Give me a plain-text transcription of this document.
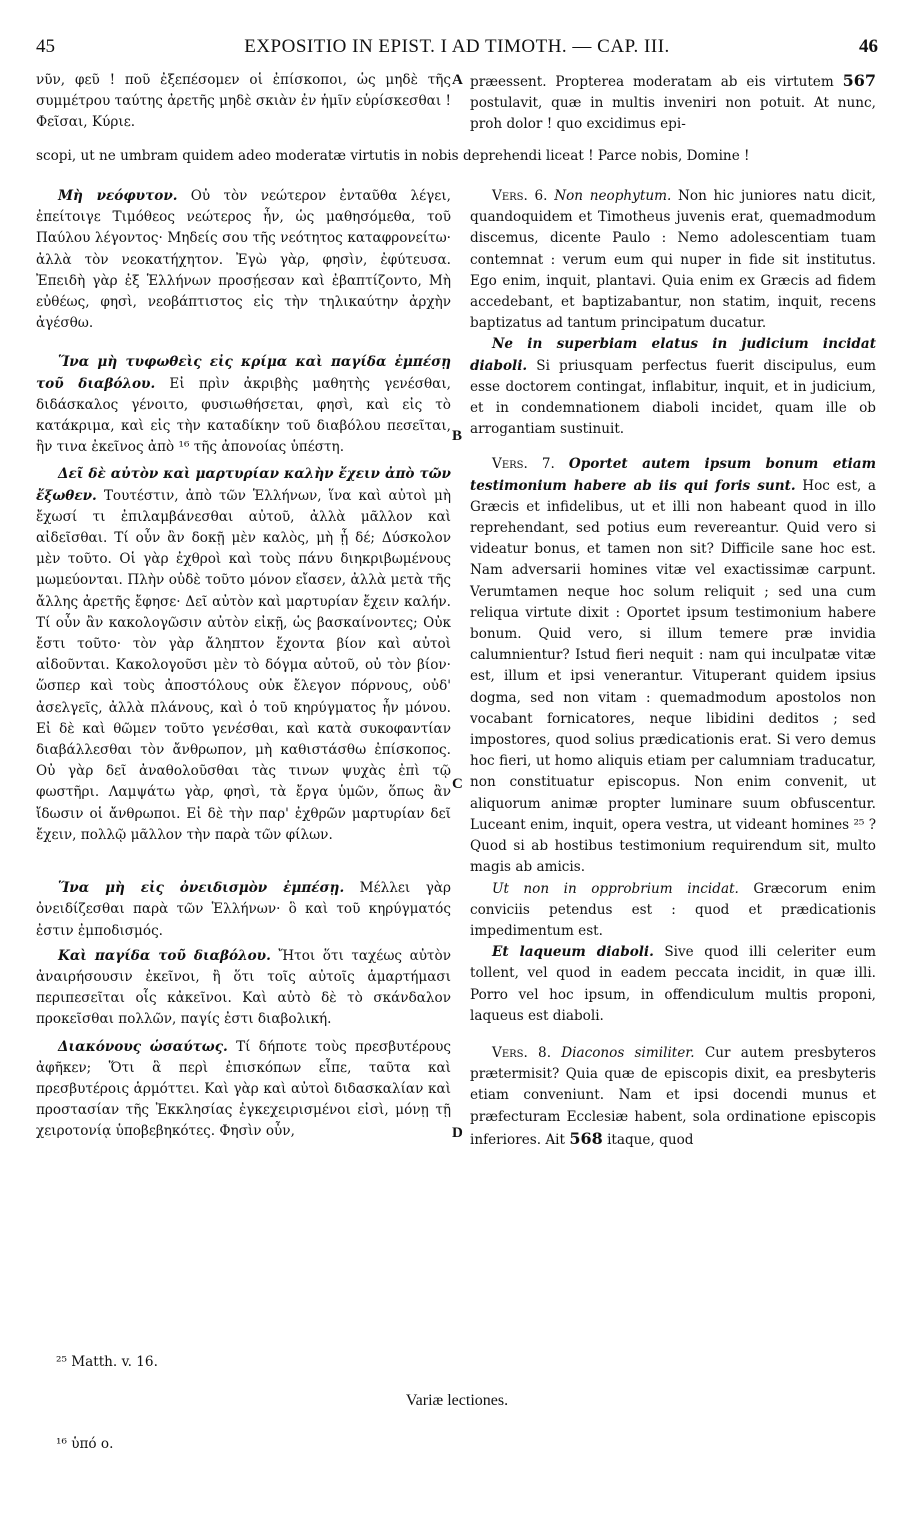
45	EXPOSITIO IN EPIST. I AD TIMOTH. — CAP. III.	46

νῦν, φεῦ ! ποῦ ἐξεπέσομεν οἱ ἐπίσκοποι, ὡς μηδὲ τῆς συμμέτρου ταύτης ἀρετῆς μηδὲ σκιὰν ἐν ἡμῖν εὑρίσκεσθαι ! Φεῖσαι, Κύριε.

præessent. Propterea moderatam ab eis virtutem 567 postulavit, quæ in multis inveniri non potuit. At nunc, proh dolor ! quo excidimus epi-

A

scopi, ut ne umbram quidem adeo moderatæ virtutis in nobis deprehendi liceat ! Parce nobis, Domine !

Μὴ νεόφυτον. Οὐ τὸν νεώτερον ἐνταῦθα λέγει, ἐπείτοιγε Τιμόθεος νεώτερος ἦν, ὡς μαθησόμεθα, τοῦ Παύλου λέγοντος· Μηδείς σου τῆς νεότητος καταφρονείτω· ἀλλὰ τὸν νεοκατήχητον. Ἐγὼ γὰρ, φησὶν, ἐφύτευσα. Ἐπειδὴ γὰρ ἐξ Ἑλλήνων προσῄεσαν καὶ ἐβαπτίζοντο, Μὴ εὐθέως, φησὶ, νεοβάπτιστος εἰς τὴν τηλικαύτην ἀρχὴν ἀγέσθω.

Ἵνα μὴ τυφωθεὶς εἰς κρίμα καὶ παγίδα ἐμπέσῃ τοῦ διαβόλου. Εἰ πρὶν ἀκριβὴς μαθητὴς γενέσθαι, διδάσκαλος γένοιτο, φυσιωθήσεται, φησὶ, καὶ εἰς τὸ κατάκριμα, καὶ εἰς τὴν καταδίκην τοῦ διαβόλου πεσεῖται, ἣν τινα ἐκεῖνος ἀπὸ ¹⁶ τῆς ἀπονοίας ὑπέστη.

Δεῖ δὲ αὐτὸν καὶ μαρτυρίαν καλὴν ἔχειν ἀπὸ τῶν ἔξωθεν. Τουτέστιν, ἀπὸ τῶν Ἑλλήνων, ἵνα καὶ αὐτοὶ μὴ ἔχωσί τι ἐπιλαμβάνεσθαι αὐτοῦ, ἀλλὰ μᾶλλον καὶ αἰδεῖσθαι. Τί οὖν ἂν δοκῇ μὲν καλὸς, μὴ ᾖ δέ; Δύσκολον μὲν τοῦτο. Οἱ γὰρ ἐχθροὶ καὶ τοὺς πάνυ διηκριβωμένους μωμεύονται. Πλὴν οὐδὲ τοῦτο μόνον εἴασεν, ἀλλὰ μετὰ τῆς ἄλλης ἀρετῆς ἔφησε· Δεῖ αὐτὸν καὶ μαρτυρίαν ἔχειν καλήν. Τί οὖν ἂν κακολογῶσιν αὐτὸν εἰκῇ, ὡς βασκαίνοντες; Οὐκ ἔστι τοῦτο· τὸν γὰρ ἄληπτον ἔχοντα βίον καὶ αὐτοὶ αἰδοῦνται. Κακολογοῦσι μὲν τὸ δόγμα αὐτοῦ, οὐ τὸν βίον· ὥσπερ καὶ τοὺς ἀποστόλους οὐκ ἔλεγον πόρνους, οὐδ' ἀσελγεῖς, ἀλλὰ πλάνους, καὶ ὁ τοῦ κηρύγματος ἦν μόνου. Εἰ δὲ καὶ θῶμεν τοῦτο γενέσθαι, καὶ κατὰ συκοφαντίαν διαβάλλεσθαι τὸν ἄνθρωπον, μὴ καθιστάσθω ἐπίσκοπος. Οὐ γὰρ δεῖ ἀναθολοῦσθαι τὰς τινων ψυχὰς ἐπὶ τῷ φωστῆρι. Λαμψάτω γὰρ, φησὶ, τὰ ἔργα ὑμῶν, ὅπως ἂν ἴδωσιν οἱ ἄνθρωποι. Εἰ δὲ τὴν παρ' ἐχθρῶν μαρτυρίαν δεῖ ἔχειν, πολλῷ μᾶλλον τὴν παρὰ τῶν φίλων.

Ἵνα μὴ εἰς ὀνειδισμὸν ἐμπέσῃ. Μέλλει γὰρ ὀνειδίζεσθαι παρὰ τῶν Ἑλλήνων· ὃ καὶ τοῦ κηρύγματός ἐστιν ἐμποδισμός.

Καὶ παγίδα τοῦ διαβόλου. Ἤτοι ὅτι ταχέως αὐτὸν ἀναιρήσουσιν ἐκεῖνοι, ἢ ὅτι τοῖς αὐτοῖς ἁμαρτήμασι περιπεσεῖται οἷς κἀκεῖνοι. Καὶ αὐτὸ δὲ τὸ σκάνδαλον προκεῖσθαι πολλῶν, παγίς ἐστι διαβολική.

Διακόνους ὡσαύτως. Τί δήποτε τοὺς πρεσβυτέρους ἀφῆκεν; Ὅτι ἃ περὶ ἐπισκόπων εἶπε, ταῦτα καὶ πρεσβυτέροις ἁρμόττει. Καὶ γὰρ καὶ αὐτοὶ διδασκαλίαν καὶ προστασίαν τῆς Ἐκκλησίας ἐγκεχειρισμένοι εἰσὶ, μόνῃ τῇ χειροτονίᾳ ὑποβεβηκότες. Φησὶν οὖν,

Vers. 6. Non neophytum. Non hic juniores natu dicit, quandoquidem et Timotheus juvenis erat, quemadmodum discemus, dicente Paulo : Nemo adolescentiam tuam contemnat : verum eum qui nuper in fide sit institutus. Ego enim, inquit, plantavi. Quia enim ex Græcis ad fidem accedebant, et baptizabantur, non statim, inquit, recens baptizatus ad tantum principatum ducatur.

Ne in superbiam elatus in judicium incidat diaboli. Si priusquam perfectus fuerit discipulus, eum esse doctorem contingat, inflabitur, inquit, et in judicium, et in condemnationem diaboli incidet, quam ille ob arrogantiam sustinuit.

Vers. 7. Oportet autem ipsum bonum etiam testimonium habere ab iis qui foris sunt. Hoc est, a Græcis et infidelibus, ut et illi non habeant quod in illo reprehendant, sed potius eum revereantur. Quid vero si videatur bonus, et tamen non sit? Difficile sane hoc est. Nam adversarii homines vitæ vel exactissimæ carpunt. Verumtamen neque hoc solum reliquit ; sed una cum reliqua virtute dixit : Oportet ipsum testimonium habere bonum. Quid vero, si illum temere præ invidia calumnientur? Istud fieri nequit : nam qui inculpatæ vitæ est, illum et ipsi venerantur. Vituperant quidem ipsius dogma, sed non vitam : quemadmodum apostolos non vocabant fornicatores, neque libidini deditos ; sed impostores, quod solius prædicationis erat. Si vero demus hoc fieri, ut homo aliquis etiam per calumniam traducatur, non constituatur episcopus. Non enim convenit, ut aliquorum animæ propter luminare suum obfuscentur. Luceant enim, inquit, opera vestra, ut videant homines ²⁵ ? Quod si ab hostibus testimonium requirendum sit, multo magis ab amicis.

Ut non in opprobrium incidat. Græcorum enim conviciis petendus est : quod et prædicationis impedimentum est.

Et laqueum diaboli. Sive quod illi celeriter eum tollent, vel quod in eadem peccata incidit, in quæ illi. Porro vel hoc ipsum, in offendiculum multis proponi, laqueus est diaboli.

Vers. 8. Diaconos similiter. Cur autem presbyteros prætermisit? Quia quæ de episcopis dixit, ea presbyteris etiam conveniunt. Nam et ipsi docendi munus et præfecturam Ecclesiæ habent, sola ordinatione episcopis inferiores. Ait 568 itaque, quod

B
C
D
²⁵ Matth. v. 16.
Variæ lectiones.
¹⁶ ὑπό ο.
